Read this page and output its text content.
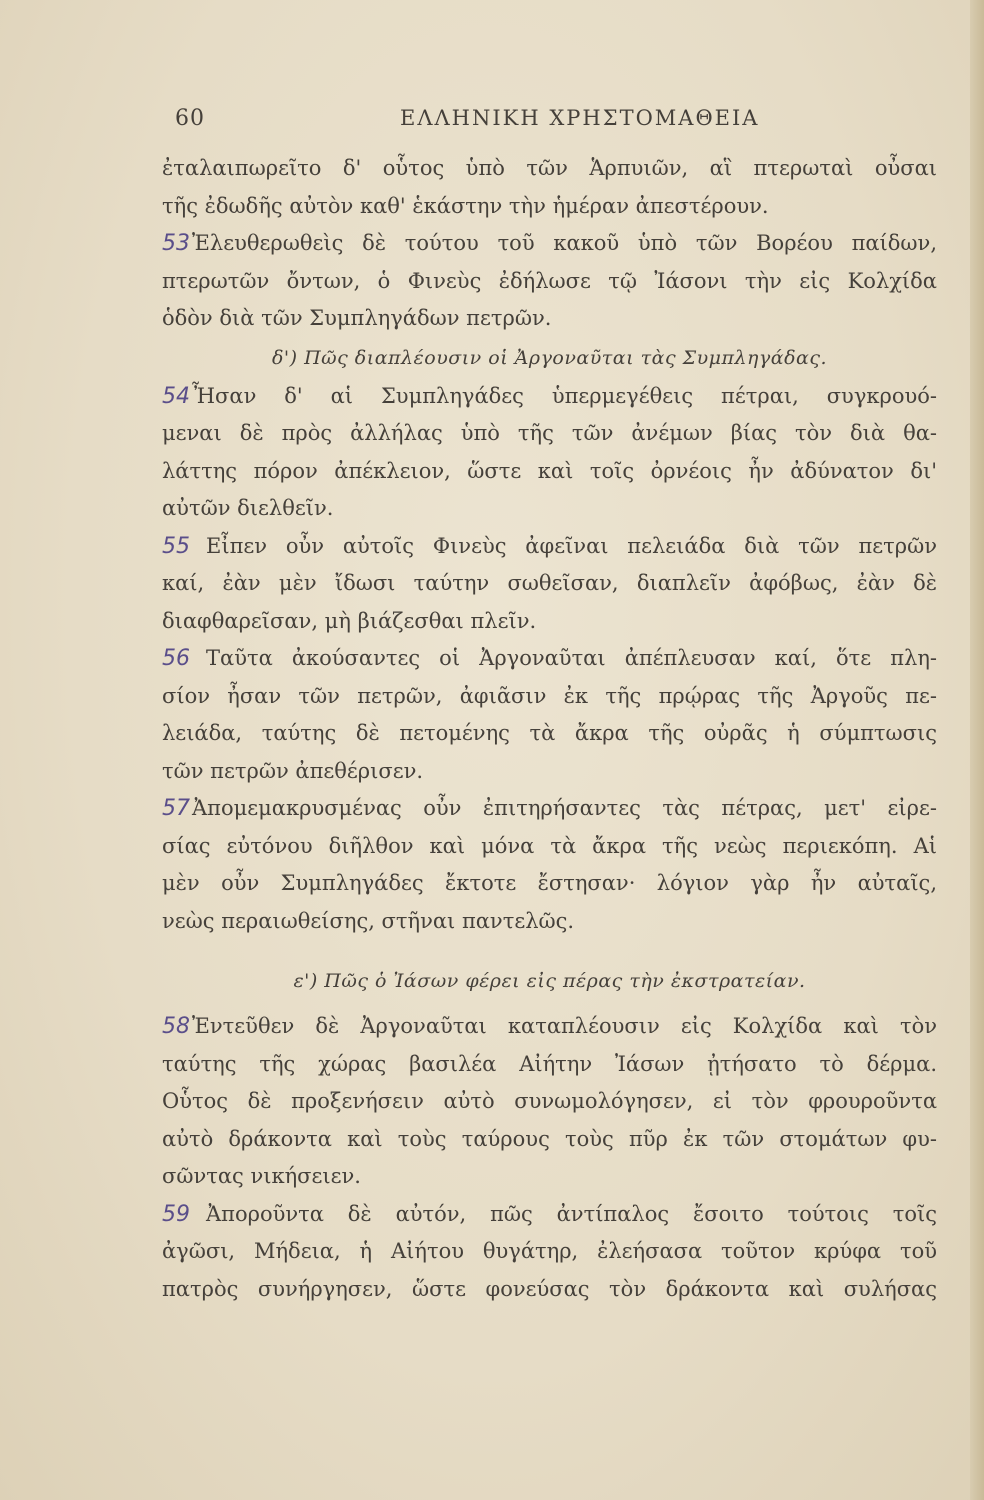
60	ΕΛΛΗΝΙΚΗ ΧΡΗΣΤΟΜΑΘΕΙΑ
ἐταλαιπωρεῖτο δ' οὗτος ὑπὸ τῶν Ἁρπυιῶν, αἳ πτερωταὶ οὖσαι
τῆς ἐδωδῆς αὐτὸν καθ' ἑκάστην τὴν ἡμέραν ἀπεστέρουν.
53Ἐλευθερωθεὶς δὲ τούτου τοῦ κακοῦ ὑπὸ τῶν Βορέου παίδων,
πτερωτῶν ὄντων, ὁ Φινεὺς ἐδήλωσε τῷ Ἰάσονι τὴν εἰς Κολχίδα
ὁδὸν διὰ τῶν Συμπληγάδων πετρῶν.
δ') Πῶς διαπλέουσιν οἱ Ἀργοναῦται τὰς Συμπληγάδας.
54Ἦσαν δ' αἱ Συμπληγάδες ὑπερμεγέθεις πέτραι, συγκρουό-
μεναι δὲ πρὸς ἀλλήλας ὑπὸ τῆς τῶν ἀνέμων βίας τὸν διὰ θα-
λάττης πόρον ἀπέκλειον, ὥστε καὶ τοῖς ὀρνέοις ἦν ἀδύνατον δι'
αὐτῶν διελθεῖν.
55 Εἶπεν οὖν αὐτοῖς Φινεὺς ἀφεῖναι πελειάδα διὰ τῶν πετρῶν
καί, ἐὰν μὲν ἴδωσι ταύτην σωθεῖσαν, διαπλεῖν ἀφόβως, ἐὰν δὲ
διαφθαρεῖσαν, μὴ βιάζεσθαι πλεῖν.
56 Ταῦτα ἀκούσαντες οἱ Ἀργοναῦται ἀπέπλευσαν καί, ὅτε πλη-
σίον ἦσαν τῶν πετρῶν, ἀφιᾶσιν ἐκ τῆς πρῴρας τῆς Ἀργοῦς πε-
λειάδα, ταύτης δὲ πετομένης τὰ ἄκρα τῆς οὐρᾶς ἡ σύμπτωσις
τῶν πετρῶν ἀπεθέρισεν.
57Ἀπομεμακρυσμένας οὖν ἐπιτηρήσαντες τὰς πέτρας, μετ' εἰρε-
σίας εὐτόνου διῆλθον καὶ μόνα τὰ ἄκρα τῆς νεὼς περιεκόπη. Αἱ
μὲν οὖν Συμπληγάδες ἔκτοτε ἔστησαν· λόγιον γὰρ ἦν αὐταῖς,
νεὼς περαιωθείσης, στῆναι παντελῶς.
ε') Πῶς ὁ Ἰάσων φέρει εἰς πέρας τὴν ἐκστρατείαν.
58Ἐντεῦθεν δὲ Ἀργοναῦται καταπλέουσιν εἰς Κολχίδα καὶ τὸν
ταύτης τῆς χώρας βασιλέα Αἰήτην Ἰάσων ᾐτήσατο τὸ δέρμα.
Οὗτος δὲ προξενήσειν αὐτὸ συνωμολόγησεν, εἰ τὸν φρουροῦντα
αὐτὸ δράκοντα καὶ τοὺς ταύρους τοὺς πῦρ ἐκ τῶν στομάτων φυ-
σῶντας νικήσειεν.
59 Ἀποροῦντα δὲ αὐτόν, πῶς ἀντίπαλος ἔσοιτο τούτοις τοῖς
ἀγῶσι, Μήδεια, ἡ Αἰήτου θυγάτηρ, ἐλεήσασα τοῦτον κρύφα τοῦ
πατρὸς συνήργησεν, ὥστε φονεύσας τὸν δράκοντα καὶ συλήσας
